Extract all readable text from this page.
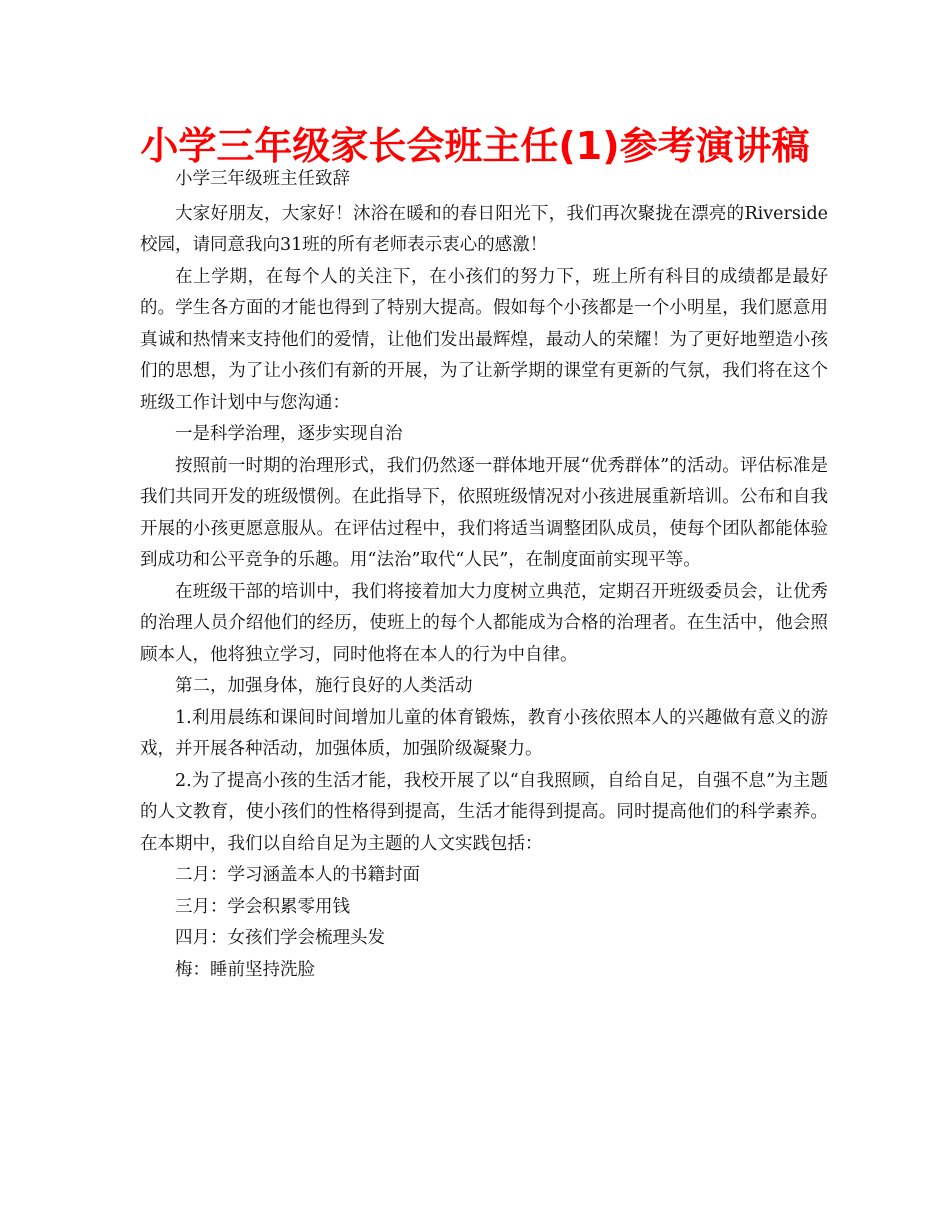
小学三年级家长会班主任(1)参考演讲稿

小学三年级班主任致辞

大家好朋友，大家好！沐浴在暖和的春日阳光下，我们再次聚拢在漂亮的Riverside校园，请同意我向31班的所有老师表示衷心的感激！

在上学期，在每个人的关注下，在小孩们的努力下，班上所有科目的成绩都是最好的。学生各方面的才能也得到了特别大提高。假如每个小孩都是一个小明星，我们愿意用真诚和热情来支持他们的爱情，让他们发出最辉煌，最动人的荣耀！为了更好地塑造小孩们的思想，为了让小孩们有新的开展，为了让新学期的课堂有更新的气氛，我们将在这个班级工作计划中与您沟通：

一是科学治理，逐步实现自治

按照前一时期的治理形式，我们仍然逐一群体地开展“优秀群体”的活动。评估标准是我们共同开发的班级惯例。在此指导下，依照班级情况对小孩进展重新培训。公布和自我开展的小孩更愿意服从。在评估过程中，我们将适当调整团队成员，使每个团队都能体验到成功和公平竞争的乐趣。用“法治”取代“人民”，在制度面前实现平等。

在班级干部的培训中，我们将接着加大力度树立典范，定期召开班级委员会，让优秀的治理人员介绍他们的经历，使班上的每个人都能成为合格的治理者。在生活中，他会照顾本人，他将独立学习，同时他将在本人的行为中自律。

第二，加强身体，施行良好的人类活动

1.利用晨练和课间时间增加儿童的体育锻炼，教育小孩依照本人的兴趣做有意义的游戏，并开展各种活动，加强体质，加强阶级凝聚力。

2.为了提高小孩的生活才能，我校开展了以“自我照顾，自给自足，自强不息”为主题的人文教育，使小孩们的性格得到提高，生活才能得到提高。同时提高他们的科学素养。在本期中，我们以自给自足为主题的人文实践包括：

二月：学习涵盖本人的书籍封面

三月：学会积累零用钱

四月：女孩们学会梳理头发

梅：睡前坚持洗脸
